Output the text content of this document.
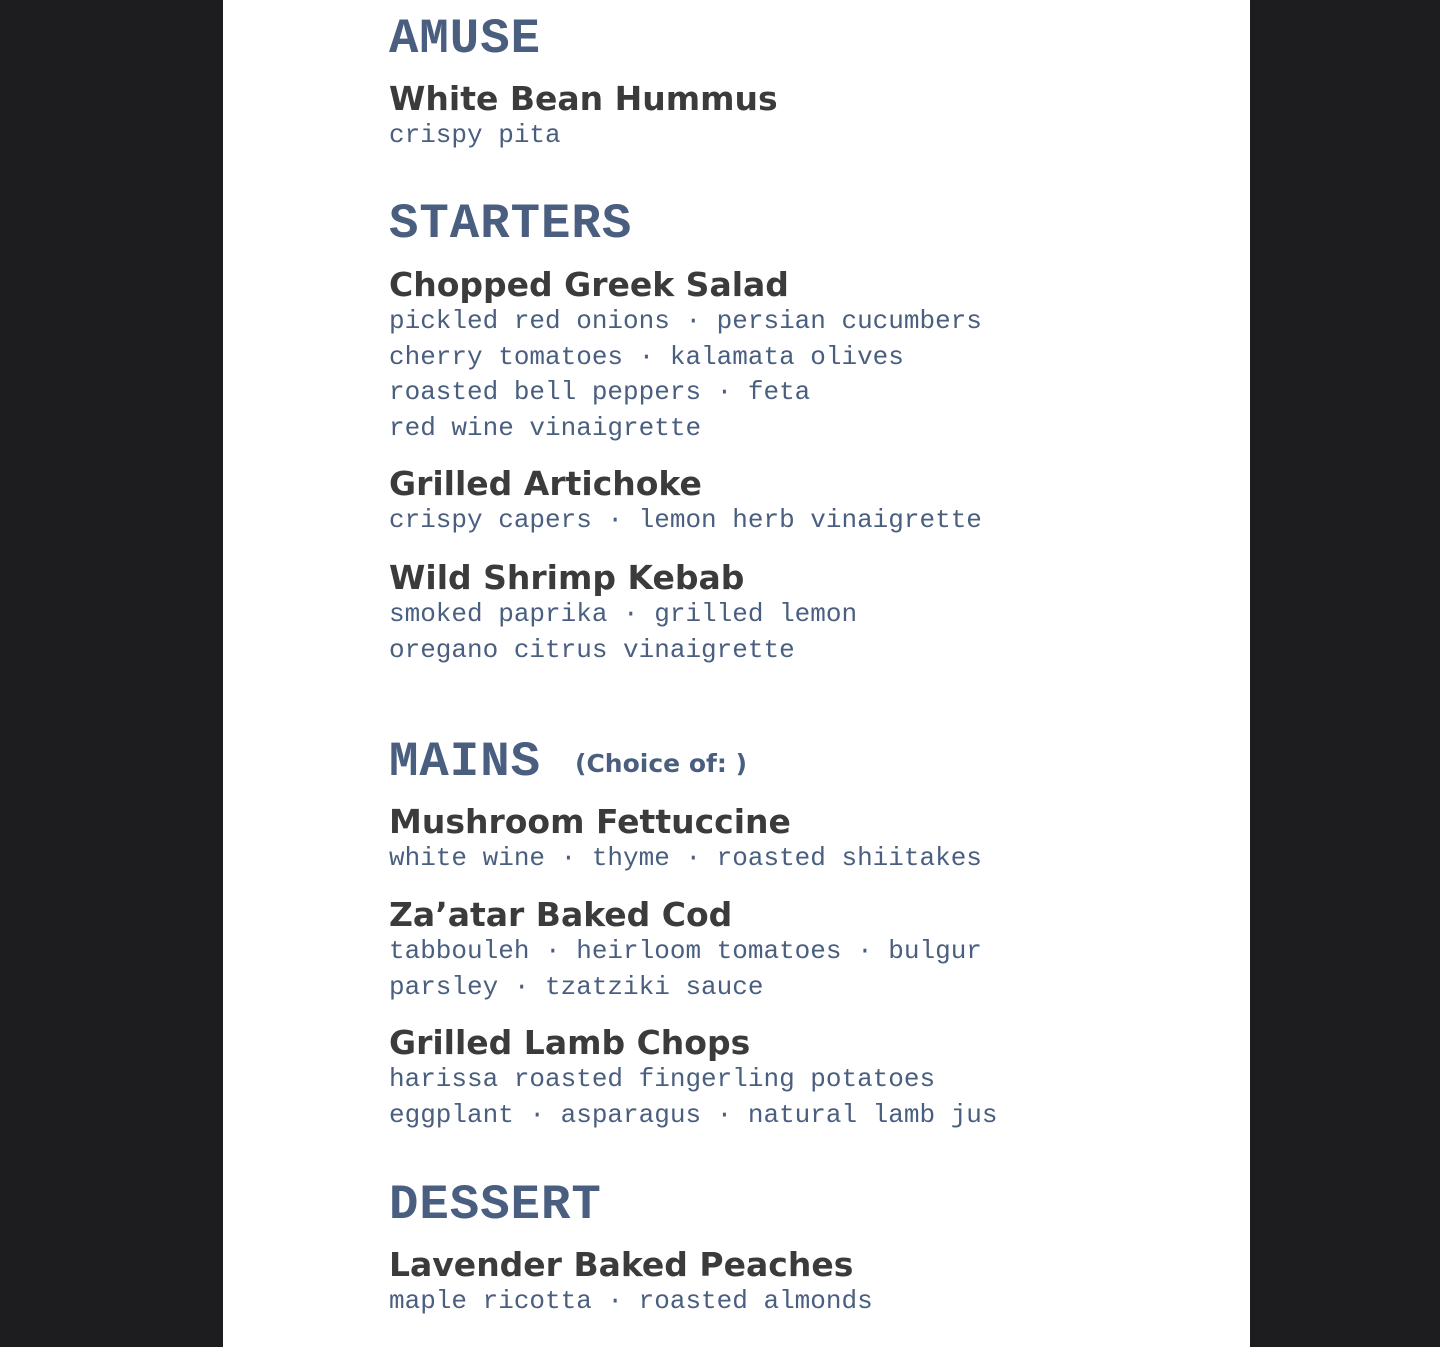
AMUSE

White Bean Hummus

crispy pita

STARTERS

Chopped Greek Salad

pickled red onions · persian cucumbers

cherry tomatoes · kalamata olives

roasted bell peppers · feta

red wine vinaigrette

Grilled Artichoke

crispy capers · lemon herb vinaigrette

Wild Shrimp Kebab

smoked paprika · grilled lemon

oregano citrus vinaigrette

MAINS (Choice of: )

Mushroom Fettuccine

white wine · thyme · roasted shiitakes

Za’atar Baked Cod

tabbouleh · heirloom tomatoes · bulgur

parsley · tzatziki sauce

Grilled Lamb Chops

harissa roasted fingerling potatoes

eggplant · asparagus · natural lamb jus

DESSERT

Lavender Baked Peaches

maple ricotta · roasted almonds
